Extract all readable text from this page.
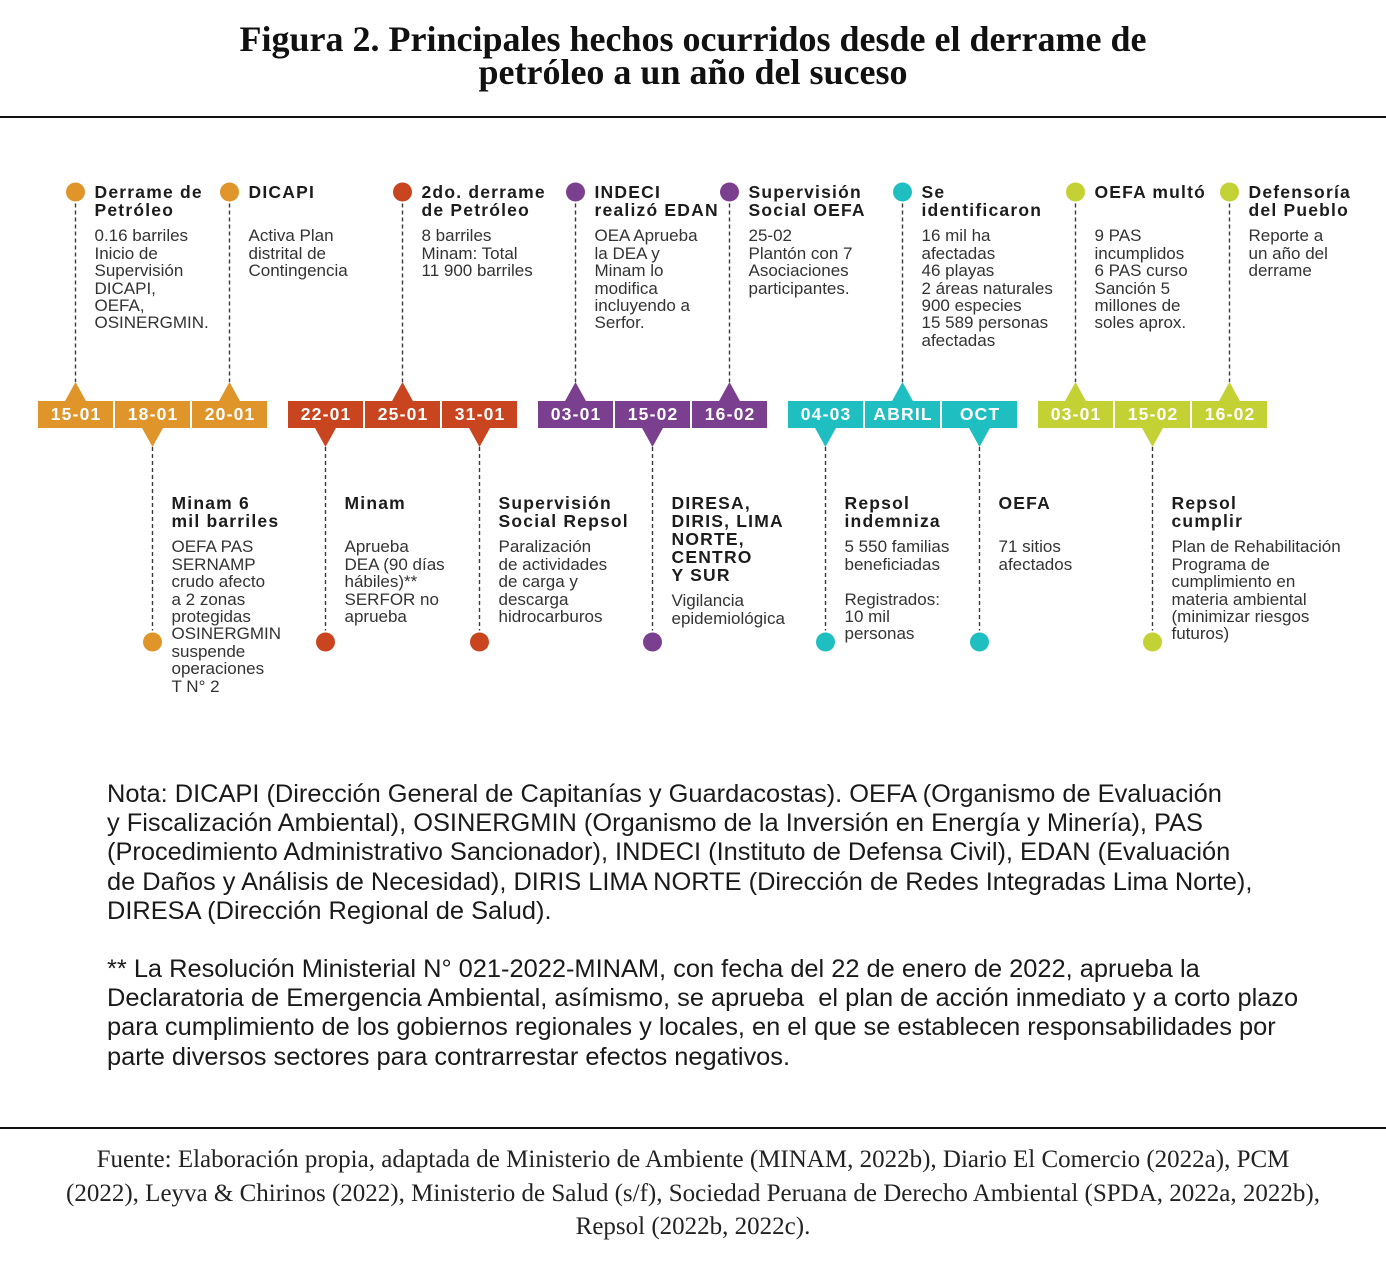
Figura 2. Principales hechos ocurridos desde el derrame de
petróleo a un año del suceso
15-01
Derrame de
Petróleo
0.16 barriles
Inicio de
Supervisión
DICAPI,
OEFA,
OSINERGMIN.
18-01
Minam 6
mil barriles
OEFA PAS
SERNAMP
crudo afecto
a 2 zonas
protegidas
OSINERGMIN
suspende
operaciones
T N° 2
20-01
DICAPI
Activa Plan
distrital de
Contingencia
22-01
Minam
Aprueba
DEA (90 días
hábiles)**
SERFOR no
aprueba
25-01
2do. derrame
de Petróleo
8 barriles
Minam: Total
11 900 barriles
31-01
Supervisión
Social Repsol
Paralización
de actividades
de carga y
descarga
hidrocarburos
03-01
INDECI
realizó EDAN
OEA Aprueba
la DEA y
Minam lo
modifica
incluyendo a
Serfor.
15-02
DIRESA,
DIRIS, LIMA
NORTE,
CENTRO
Y SUR
Vigilancia
epidemiológica
16-02
Supervisión
Social OEFA
25-02
Plantón con 7
Asociaciones
participantes.
04-03
Repsol
indemniza
5 550 familias
beneficiadas
Registrados:
10 mil
personas
ABRIL
Se
identificaron
16 mil ha
afectadas
46 playas
2 áreas naturales
900 especies
15 589 personas
afectadas
OCT
OEFA
71 sitios
afectados
03-01
OEFA multó
9 PAS
incumplidos
6 PAS curso
Sanción 5
millones de
soles aprox.
15-02
Repsol
cumplir
Plan de Rehabilitación
Programa de
cumplimiento en
materia ambiental
(minimizar riesgos
futuros)
16-02
Defensoría
del Pueblo
Reporte a
un año del
derrame
Nota: DICAPI (Dirección General de Capitanías y Guardacostas). OEFA (Organismo de Evaluación
y Fiscalización Ambiental), OSINERGMIN (Organismo de la Inversión en Energía y Minería), PAS
(Procedimiento Administrativo Sancionador), INDECI (Instituto de Defensa Civil), EDAN (Evaluación
de Daños y Análisis de Necesidad), DIRIS LIMA NORTE (Dirección de Redes Integradas Lima Norte),
DIRESA (Dirección Regional de Salud).
** La Resolución Ministerial N° 021-2022-MINAM, con fecha del 22 de enero de 2022, aprueba la
Declaratoria de Emergencia Ambiental, asímismo, se aprueba  el plan de acción inmediato y a corto plazo
para cumplimiento de los gobiernos regionales y locales, en el que se establecen responsabilidades por
parte diversos sectores para contrarrestar efectos negativos.
Fuente: Elaboración propia, adaptada de Ministerio de Ambiente (MINAM, 2022b), Diario El Comercio (2022a), PCM
(2022), Leyva & Chirinos (2022), Ministerio de Salud (s/f), Sociedad Peruana de Derecho Ambiental (SPDA, 2022a, 2022b),
Repsol (2022b, 2022c).
